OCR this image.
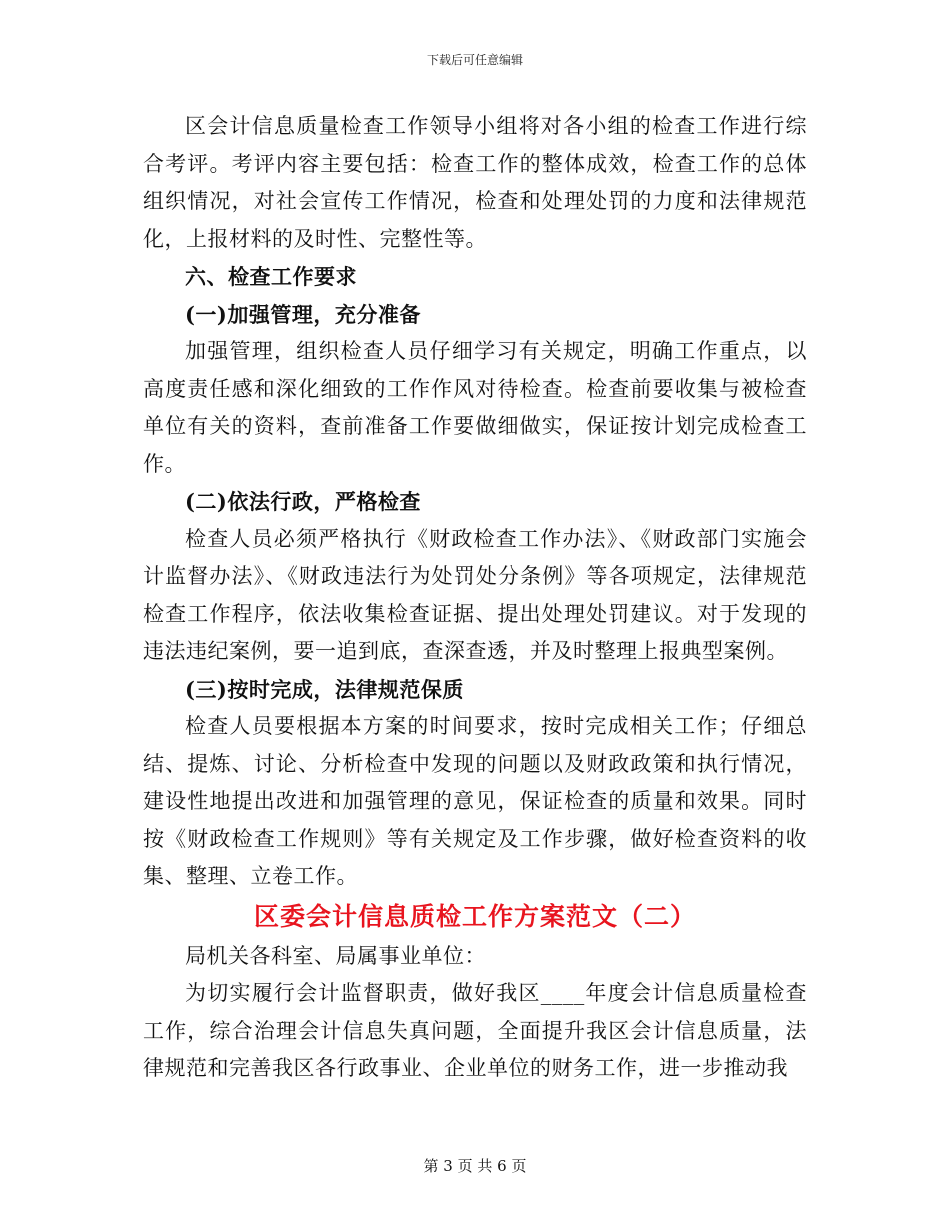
下载后可任意编辑

区会计信息质量检查工作领导小组将对各小组的检查工作进行综合考评。考评内容主要包括：检查工作的整体成效，检查工作的总体组织情况，对社会宣传工作情况，检查和处理处罚的力度和法律规范化，上报材料的及时性、完整性等。

六、检查工作要求

(一)加强管理，充分准备

加强管理，组织检查人员仔细学习有关规定，明确工作重点，以高度责任感和深化细致的工作作风对待检查。检查前要收集与被检查单位有关的资料，查前准备工作要做细做实，保证按计划完成检查工作。

(二)依法行政，严格检查

检查人员必须严格执行《财政检查工作办法》、《财政部门实施会计监督办法》、《财政违法行为处罚处分条例》等各项规定，法律规范检查工作程序，依法收集检查证据、提出处理处罚建议。对于发现的违法违纪案例，要一追到底，查深查透，并及时整理上报典型案例。

(三)按时完成，法律规范保质

检查人员要根据本方案的时间要求，按时完成相关工作；仔细总结、提炼、讨论、分析检查中发现的问题以及财政政策和执行情况，建设性地提出改进和加强管理的意见，保证检查的质量和效果。同时按《财政检查工作规则》等有关规定及工作步骤，做好检查资料的收集、整理、立卷工作。

区委会计信息质检工作方案范文（二）

局机关各科室、局属事业单位：

为切实履行会计监督职责，做好我区____年度会计信息质量检查工作，综合治理会计信息失真问题，全面提升我区会计信息质量，法律规范和完善我区各行政事业、企业单位的财务工作，进一步推动我

第 3 页 共 6 页
